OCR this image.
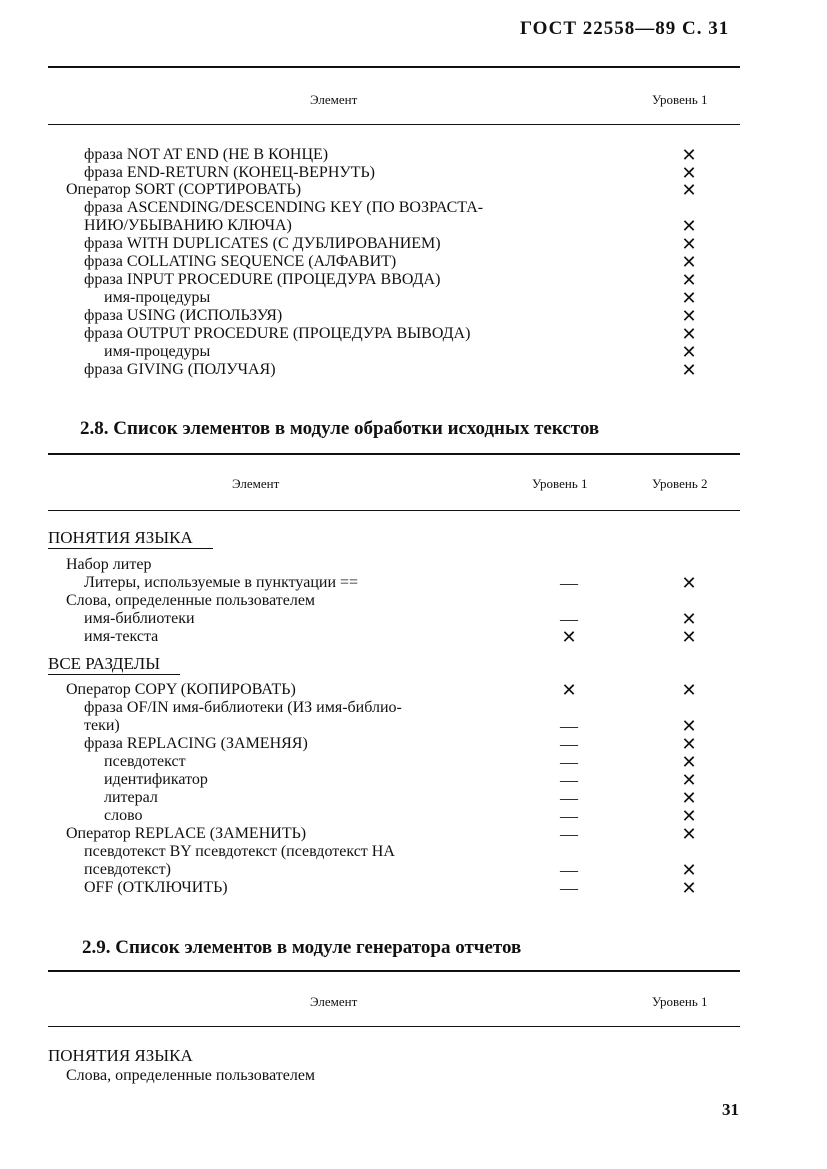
ГОСТ 22558—89 С. 31
Элемент	Уровень 1
фраза NOT AT END (НЕ В КОНЦЕ)	✕
фраза END-RETURN (КОНЕЦ-ВЕРНУТЬ)	✕
Оператор SORT (СОРТИРОВАТЬ)	✕
фраза ASCENDING/DESCENDING KEY (ПО ВОЗРАСТА-
НИЮ/УБЫВАНИЮ КЛЮЧА)	✕
фраза WITH DUPLICATES (С ДУБЛИРОВАНИЕМ)	✕
фраза COLLATING SEQUENCE (АЛФАВИТ)	✕
фраза INPUT PROCEDURE (ПРОЦЕДУРА ВВОДА)	✕
имя-процедуры	✕
фраза USING (ИСПОЛЬЗУЯ)	✕
фраза OUTPUT PROCEDURE (ПРОЦЕДУРА ВЫВОДА)	✕
имя-процедуры	✕
фраза GIVING (ПОЛУЧАЯ)	✕
2.8. Список элементов в модуле обработки исходных текстов
Элемент	Уровень 1	Уровень 2
ПОНЯТИЯ ЯЗЫКА
Набор литер
Литеры, используемые в пунктуации ==	—	✕
Слова, определенные пользователем
имя-библиотеки	—	✕
имя-текста	✕	✕
ВСЕ РАЗДЕЛЫ
Оператор COPY (КОПИРОВАТЬ)	✕	✕
фраза OF/IN имя-библиотеки (ИЗ имя-библио-
теки)	—	✕
фраза REPLACING (ЗАМЕНЯЯ)	—	✕
псевдотекст	—	✕
идентификатор	—	✕
литерал	—	✕
слово	—	✕
Оператор REPLACE (ЗАМЕНИТЬ)	—	✕
псевдотекст BY псевдотекст (псевдотекст НА
псевдотекст)	—	✕
OFF (ОТКЛЮЧИТЬ)	—	✕
2.9. Список элементов в модуле генератора отчетов
Элемент	Уровень 1
ПОНЯТИЯ ЯЗЫКА
Слова, определенные пользователем
31
